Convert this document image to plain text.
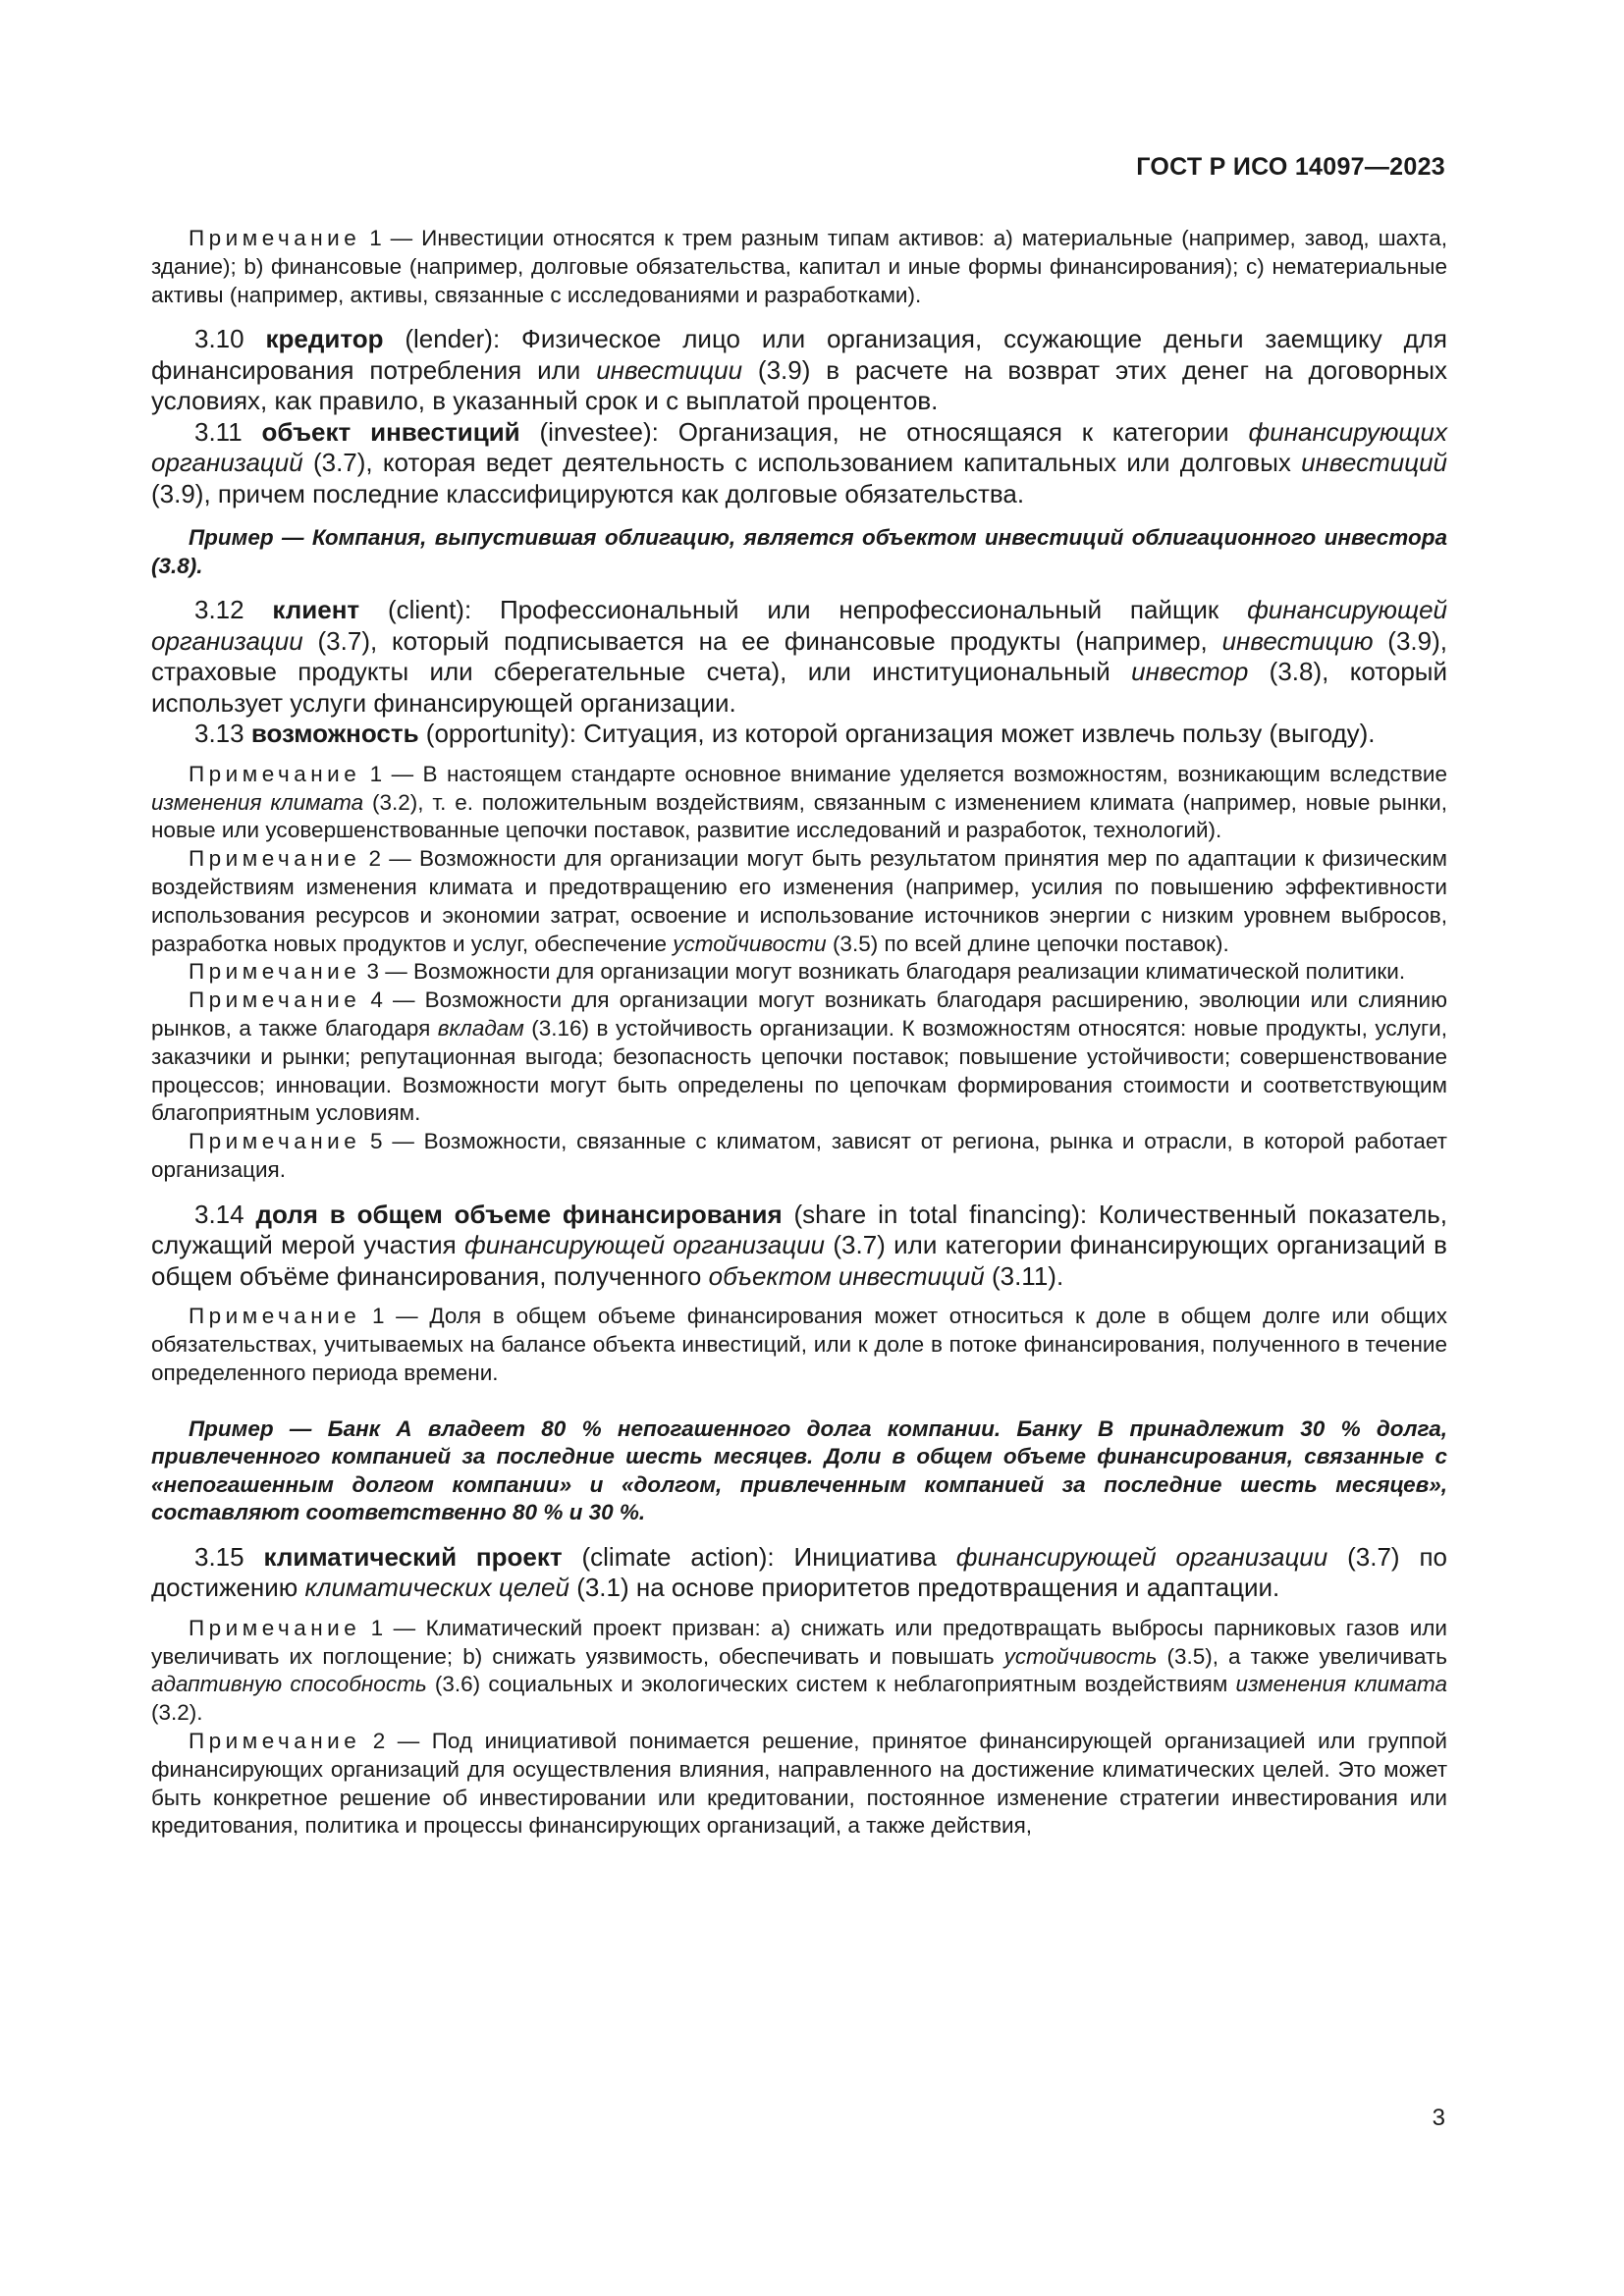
ГОСТ Р ИСО 14097—2023

Примечание 1 — Инвестиции относятся к трем разным типам активов: а) материальные (например, завод, шахта, здание); b) финансовые (например, долговые обязательства, капитал и иные формы финансирования); с) нематериальные активы (например, активы, связанные с исследованиями и разработками).

3.10 кредитор (lender): Физическое лицо или организация, ссужающие деньги заемщику для финансирования потребления или инвестиции (3.9) в расчете на возврат этих денег на договорных условиях, как правило, в указанный срок и с выплатой процентов.

3.11 объект инвестиций (investee): Организация, не относящаяся к категории финансирующих организаций (3.7), которая ведет деятельность с использованием капитальных или долговых инвестиций (3.9), причем последние классифицируются как долговые обязательства.

Пример — Компания, выпустившая облигацию, является объектом инвестиций облигационного инвестора (3.8).

3.12 клиент (client): Профессиональный или непрофессиональный пайщик финансирующей организации (3.7), который подписывается на ее финансовые продукты (например, инвестицию (3.9), страховые продукты или сберегательные счета), или институциональный инвестор (3.8), который использует услуги финансирующей организации.

3.13 возможность (opportunity): Ситуация, из которой организация может извлечь пользу (выгоду).

Примечание 1 — В настоящем стандарте основное внимание уделяется возможностям, возникающим вследствие изменения климата (3.2), т. е. положительным воздействиям, связанным с изменением климата (например, новые рынки, новые или усовершенствованные цепочки поставок, развитие исследований и разработок, технологий).

Примечание 2 — Возможности для организации могут быть результатом принятия мер по адаптации к физическим воздействиям изменения климата и предотвращению его изменения (например, усилия по повышению эффективности использования ресурсов и экономии затрат, освоение и использование источников энергии с низким уровнем выбросов, разработка новых продуктов и услуг, обеспечение устойчивости (3.5) по всей длине цепочки поставок).

Примечание 3 — Возможности для организации могут возникать благодаря реализации климатической политики.

Примечание 4 — Возможности для организации могут возникать благодаря расширению, эволюции или слиянию рынков, а также благодаря вкладам (3.16) в устойчивость организации. К возможностям относятся: новые продукты, услуги, заказчики и рынки; репутационная выгода; безопасность цепочки поставок; повышение устойчивости; совершенствование процессов; инновации. Возможности могут быть определены по цепочкам формирования стоимости и соответствующим благоприятным условиям.

Примечание 5 — Возможности, связанные с климатом, зависят от региона, рынка и отрасли, в которой работает организация.

3.14 доля в общем объеме финансирования (share in total financing): Количественный показатель, служащий мерой участия финансирующей организации (3.7) или категории финансирующих организаций в общем объёме финансирования, полученного объектом инвестиций (3.11).

Примечание 1 — Доля в общем объеме финансирования может относиться к доле в общем долге или общих обязательствах, учитываемых на балансе объекта инвестиций, или к доле в потоке финансирования, полученного в течение определенного периода времени.

Пример — Банк А владеет 80 % непогашенного долга компании. Банку В принадлежит 30 % долга, привлеченного компанией за последние шесть месяцев. Доли в общем объеме финансирования, связанные с «непогашенным долгом компании» и «долгом, привлеченным компанией за последние шесть месяцев», составляют соответственно 80 % и 30 %.

3.15 климатический проект (climate action): Инициатива финансирующей организации (3.7) по достижению климатических целей (3.1) на основе приоритетов предотвращения и адаптации.

Примечание 1 — Климатический проект призван: а) снижать или предотвращать выбросы парниковых газов или увеличивать их поглощение; b) снижать уязвимость, обеспечивать и повышать устойчивость (3.5), а также увеличивать адаптивную способность (3.6) социальных и экологических систем к неблагоприятным воздействиям изменения климата (3.2).

Примечание 2 — Под инициативой понимается решение, принятое финансирующей организацией или группой финансирующих организаций для осуществления влияния, направленного на достижение климатических целей. Это может быть конкретное решение об инвестировании или кредитовании, постоянное изменение стратегии инвестирования или кредитования, политика и процессы финансирующих организаций, а также действия,

3
